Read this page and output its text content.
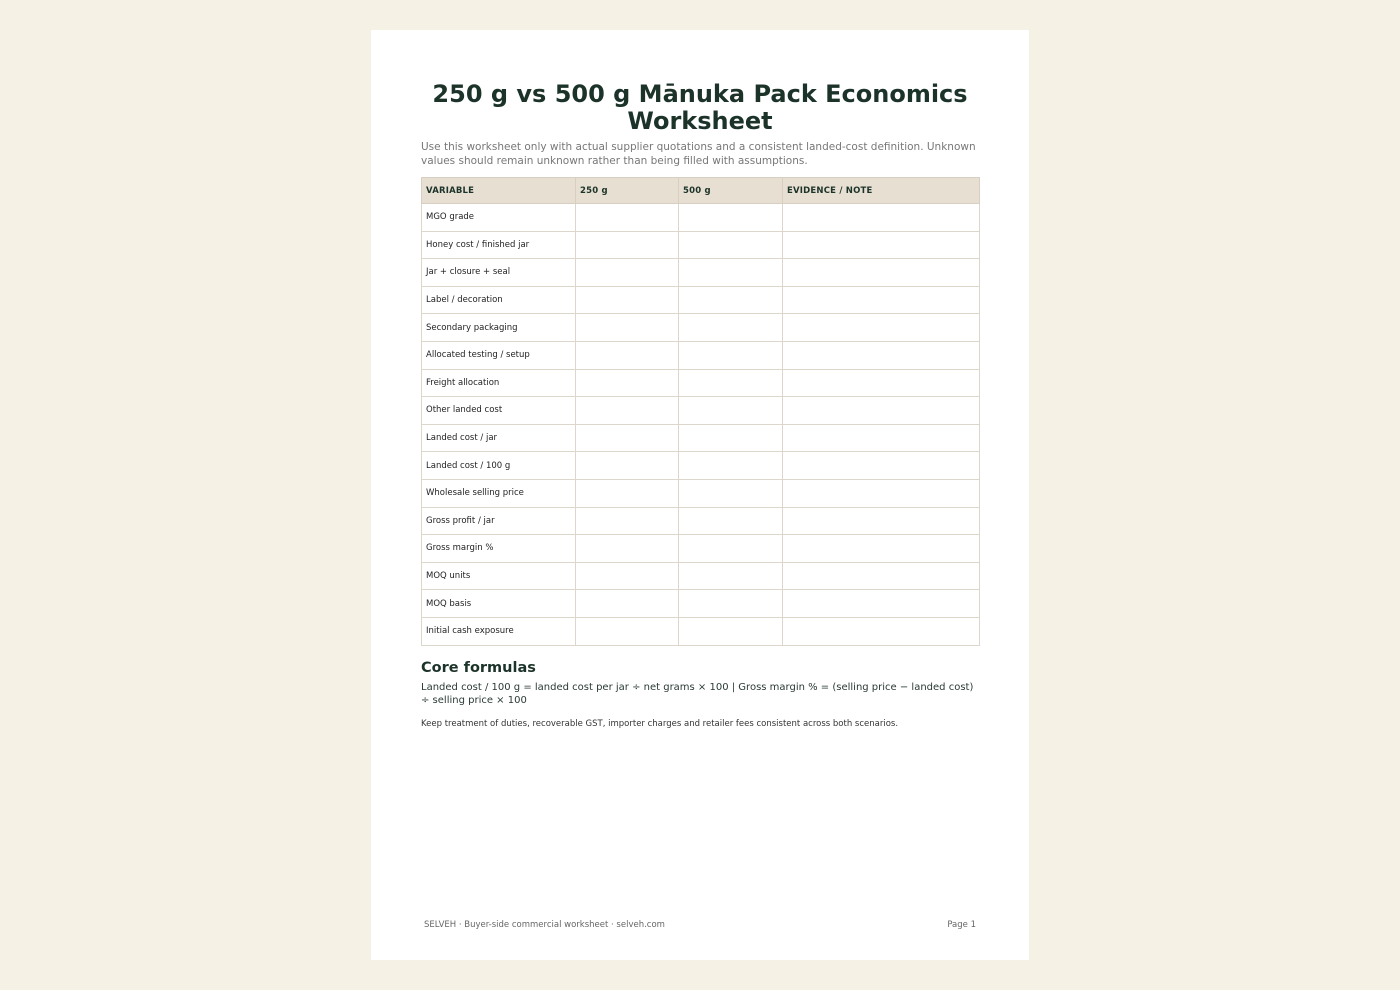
250 g vs 500 g Mānuka Pack Economics Worksheet

Use this worksheet only with actual supplier quotations and a consistent landed-cost definition. Unknown values should remain unknown rather than being filled with assumptions.

VARIABLE	250 g	500 g	EVIDENCE / NOTE
MGO grade			
Honey cost / finished jar			
Jar + closure + seal			
Label / decoration			
Secondary packaging			
Allocated testing / setup			
Freight allocation			
Other landed cost			
Landed cost / jar			
Landed cost / 100 g			
Wholesale selling price			
Gross profit / jar			
Gross margin %			
MOQ units			
MOQ basis			
Initial cash exposure			
Core formulas

Landed cost / 100 g = landed cost per jar ÷ net grams × 100 | Gross margin % = (selling price − landed cost) ÷ selling price × 100

Keep treatment of duties, recoverable GST, importer charges and retailer fees consistent across both scenarios.

SELVEH · Buyer-side commercial worksheet · selveh.com	Page 1
